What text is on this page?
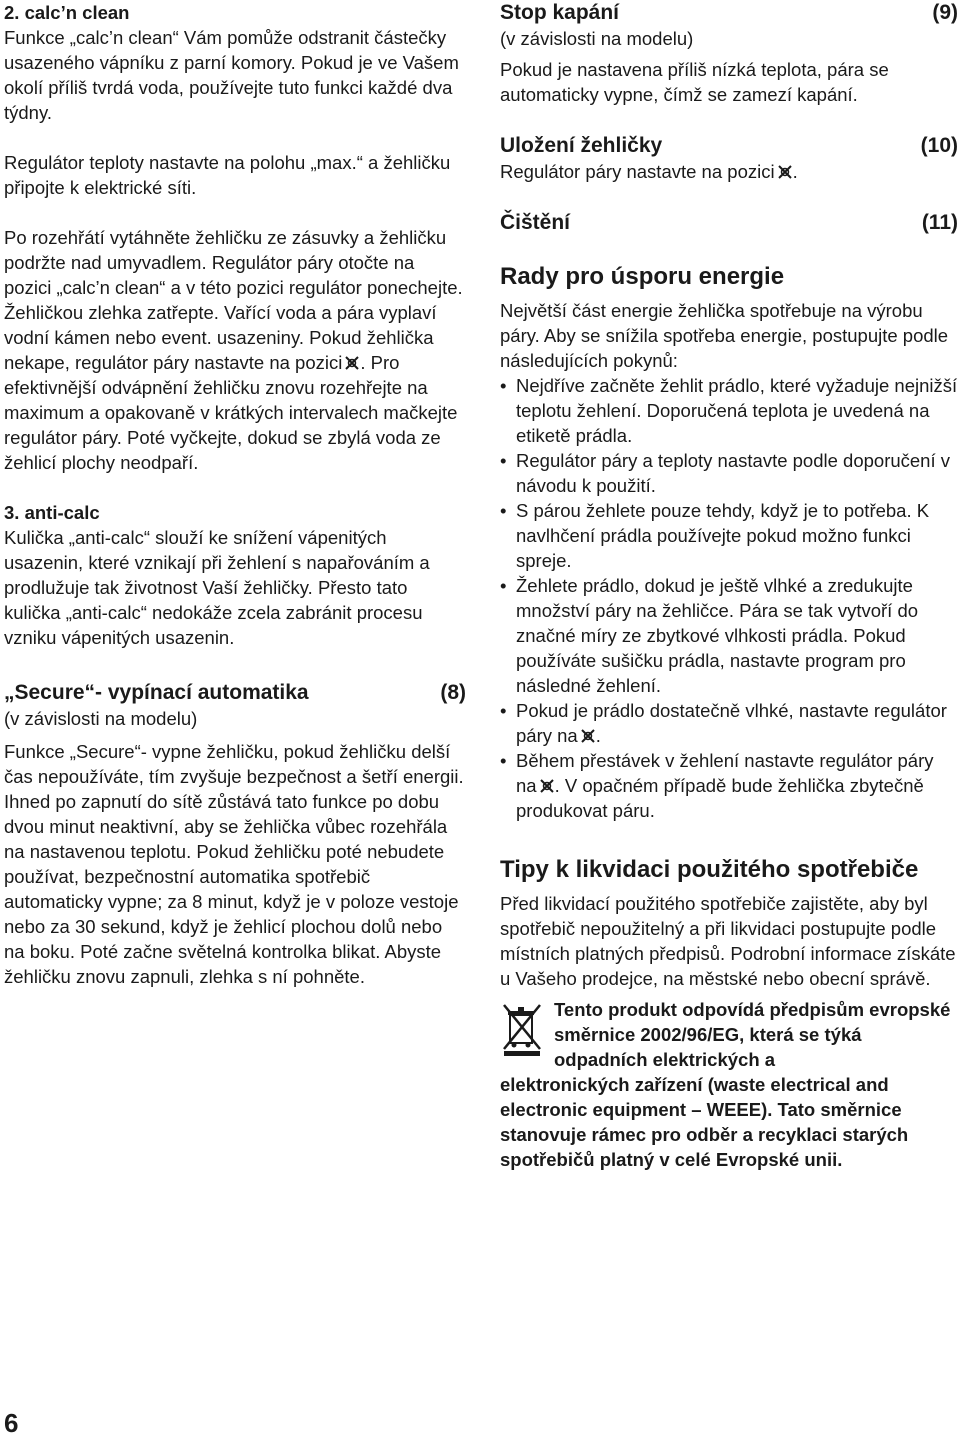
2. calc’n clean

Funkce „calc’n clean“ Vám pomůže odstranit částečky usazeného vápníku z parní komory. Pokud je ve Vašem okolí příliš tvrdá voda, používejte tuto funkci každé dva týdny.

Regulátor teploty nastavte na polohu „max.“ a žehličku připojte k elektrické síti.

Po rozehřátí vytáhněte žehličku ze zásuvky a žehličku podržte nad umyvadlem. Regulátor páry otočte na pozici „calc’n clean“ a v této pozici regulátor ponechejte. Žehličkou zlehka zatřepte. Vařící voda a pára vyplaví vodní kámen nebo event. usazeniny. Pokud žehlička nekape, regulátor páry nastavte na pozici . Pro efektivnější odvápnění žehličku znovu rozehřejte na maximum a opakovaně v krátkých intervalech mačkejte regulátor páry. Poté vyčkejte, dokud se zbylá voda ze žehlicí plochy neodpaří.

3. anti-calc

Kulička „anti-calc“ slouží ke snížení vápenitých usazenin, které vznikají při žehlení s napařováním a prodlužuje tak životnost Vaší žehličky. Přesto tato kulička „anti-calc“ nedokáže zcela zabránit procesu vzniku vápenitých usazenin.

„Secure“- vypínací automatika	(8)

(v závislosti na modelu)

Funkce „Secure“- vypne žehličku, pokud žehličku delší čas nepoužíváte, tím zvyšuje bezpečnost a šetří energii. Ihned po zapnutí do sítě zůstává tato funkce po dobu dvou minut neaktivní, aby se žehlička vůbec rozehřála na nastavenou teplotu. Pokud žehličku poté nebudete používat, bezpečnostní automatika spotřebič automaticky vypne; za 8 minut, když je v poloze vestoje nebo za 30 sekund, když je žehlicí plochou dolů nebo na boku. Poté začne světelná kontrolka blikat. Abyste žehličku znovu zapnuli, zlehka s ní pohněte.

Stop kapání	(9)

(v závislosti na modelu)

Pokud je nastavena příliš nízká teplota, pára se automaticky vypne, čímž se zamezí kapání.

Uložení žehličky	(10)

Regulátor páry nastavte na pozici .

Čištění	(11)

Rady pro úsporu energie

Největší část energie žehlička spotřebuje na výrobu páry. Aby se snížila spotřeba energie, postupujte podle následujících pokynů:

• Nejdříve začněte žehlit prádlo, které vyžaduje nejnižší teplotu žehlení. Doporučená teplota je uvedená na etiketě prádla.
• Regulátor páry a teploty nastavte podle doporučení v návodu k použití.
• S párou žehlete pouze tehdy, když je to potřeba. K navlhčení prádla používejte pokud možno funkci spreje.
• Žehlete prádlo, dokud je ještě vlhké a zredukujte množství páry na žehličce. Pára se tak vytvoří do značné míry ze zbytkové vlhkosti prádla. Pokud používáte sušičku prádla, nastavte program pro následné žehlení.
• Pokud je prádlo dostatečně vlhké, nastavte regulátor páry na .
• Během přestávek v žehlení nastavte regulátor páry na . V opačném případě bude žehlička zbytečně produkovat páru.

Tipy k likvidaci použitého spotřebiče

Před likvidací použitého spotřebiče zajistěte, aby byl spotřebič nepoužitelný a při likvidaci postupujte podle místních platných předpisů. Podrobní informace získáte u Vašeho prodejce, na městské nebo obecní správě.

Tento produkt odpovídá předpisům evropské směrnice 2002/96/EG, která se týká odpadních elektrických a

elektronických zařízení (waste electrical and electronic equipment – WEEE). Tato směrnice stanovuje rámec pro odběr a recyklaci starých spotřebičů platný v celé Evropské unii.

6
